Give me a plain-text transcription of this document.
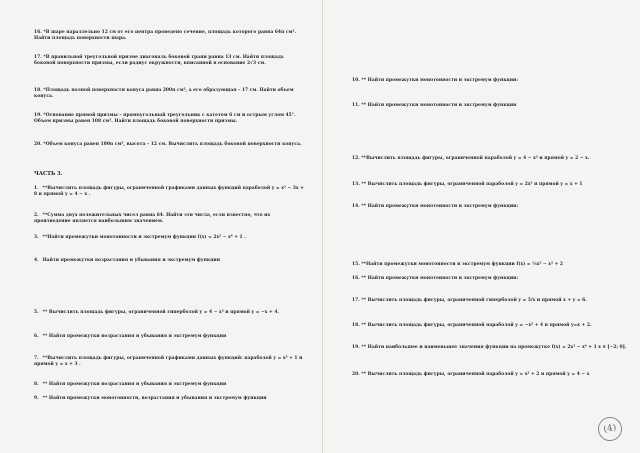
16. *В шаре параллельно 12 см от его центра проведено сечение, площадь которого равна 64π см². Найти площадь поверхности шара.
17. *В правильной треугольной призме диагональ боковой грани равна 13 см. Найти площадь боковой поверхности призмы, если радиус окружности, вписанной в основание 2√3 см.
18. *Площадь полной поверхности конуса равна 200π см², а его образующая – 17 см. Найти объем конуса.
19. *Основание прямой призмы – прямоугольный треугольник с катетом 6 см и острым углом 45°. Объем призмы равен 108 см³. Найти площадь боковой поверхности призмы.
20. *Объем конуса равен 100π см³, высота – 12 см. Вычислить площадь боковой поверхности конуса.
ЧАСТЬ 3.
1. **Вычислить площадь фигуры, ограниченной графиками данных функций параболой y = x² − 3x + 8 и прямой y = 4 − x .
2. **Сумма двух положительных чисел равна 64. Найти эти числа, если известно, что их произведение является наибольшим значением.
3. **Найти промежутки монотонности и экстремум функции f(x) = 2x³ − x⁴ + 1 .
4. Найти промежутки возрастания и убывания и экстремум функции
5. ** Вычислить площадь фигуры, ограниченной гиперболой y = 4 − x² и прямой y = −x + 4.
6. ** Найти промежутки возрастания и убывания и экстремум функции
7. **Вычислить площадь фигуры, ограниченной графиками данных функций: параболой y = x² + 1 и прямой y = x + 3 .
8. ** Найти промежутки возрастания и убывания и экстремум функции
9. ** Найти промежутки монотонности, возрастания и убывания и экстремум функции
10. ** Найти промежутки монотонности и экстремум функции:
11. ** Найти промежутки монотонности и экстремум функции
12. **Вычислить площадь фигуры, ограниченной параболой y = 4 − x² и прямой y = 2 − x.
13. ** Вычислить площадь фигуры, ограниченной параболой y = 2x² и прямой y = x + 1
14. ** Найти промежутки монотонности и экстремум функции:
15. **Найти промежутки монотонности и экстремум функции f(x) = ⅓x³ − x² + 2
16. ** Найти промежутки монотонности и экстремум функции:
17. ** Вычислить площадь фигуры, ограниченной гиперболой y = 5/x и прямой x + y = 6.
18. ** Вычислить площадь фигуры, ограниченной параболой y = −x² + 4 и прямой y=x + 2.
19. ** Найти наибольшее и наименьшее значения функции на промежутке f(x) = 2x² − x⁴ + 1 x ∈ [−2; 0].
20. ** Вычислить площадь фигуры, ограниченной параболой y = x² + 2 и прямой y = 4 − x
(4)
